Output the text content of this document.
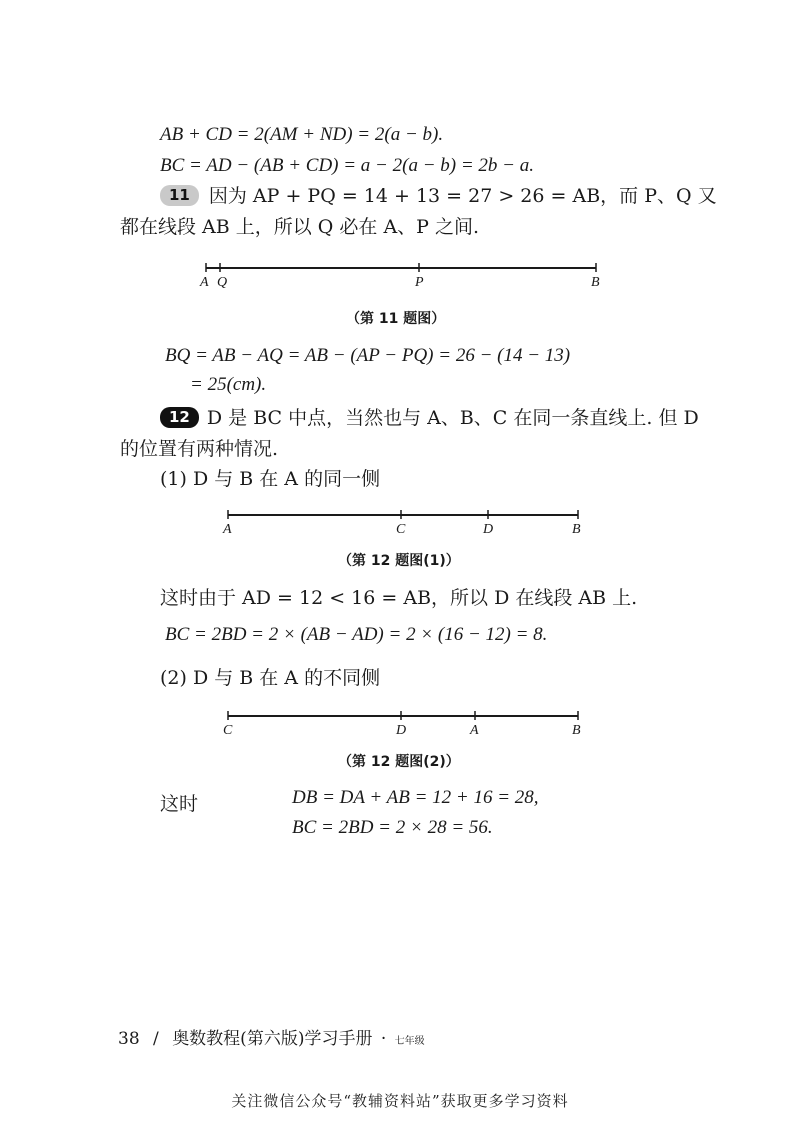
AB + CD = 2(AM + ND) = 2(a − b).
BC = AD − (AB + CD) = a − 2(a − b) = 2b − a.
11 因为 AP + PQ = 14 + 13 = 27 > 26 = AB，而 P、Q 又
都在线段 AB 上，所以 Q 必在 A、P 之间.
A Q	P	B
（第 11 题图）
BQ = AB − AQ = AB − (AP − PQ) = 26 − (14 − 13)
= 25(cm).
12 D 是 BC 中点，当然也与 A、B、C 在同一条直线上. 但 D
的位置有两种情况.
(1) D 与 B 在 A 的同一侧
A	C	D	B
（第 12 题图(1)）
这时由于 AD = 12 < 16 = AB，所以 D 在线段 AB 上.
BC = 2BD = 2 × (AB − AD) = 2 × (16 − 12) = 8.
(2) D 与 B 在 A 的不同侧
C	D	A	B
（第 12 题图(2)）
这时	DB = DA + AB = 12 + 16 = 28,
BC = 2BD = 2 × 28 = 56.
38 / 奥数教程(第六版)学习手册 · 七年级
关注微信公众号“教辅资料站”获取更多学习资料
